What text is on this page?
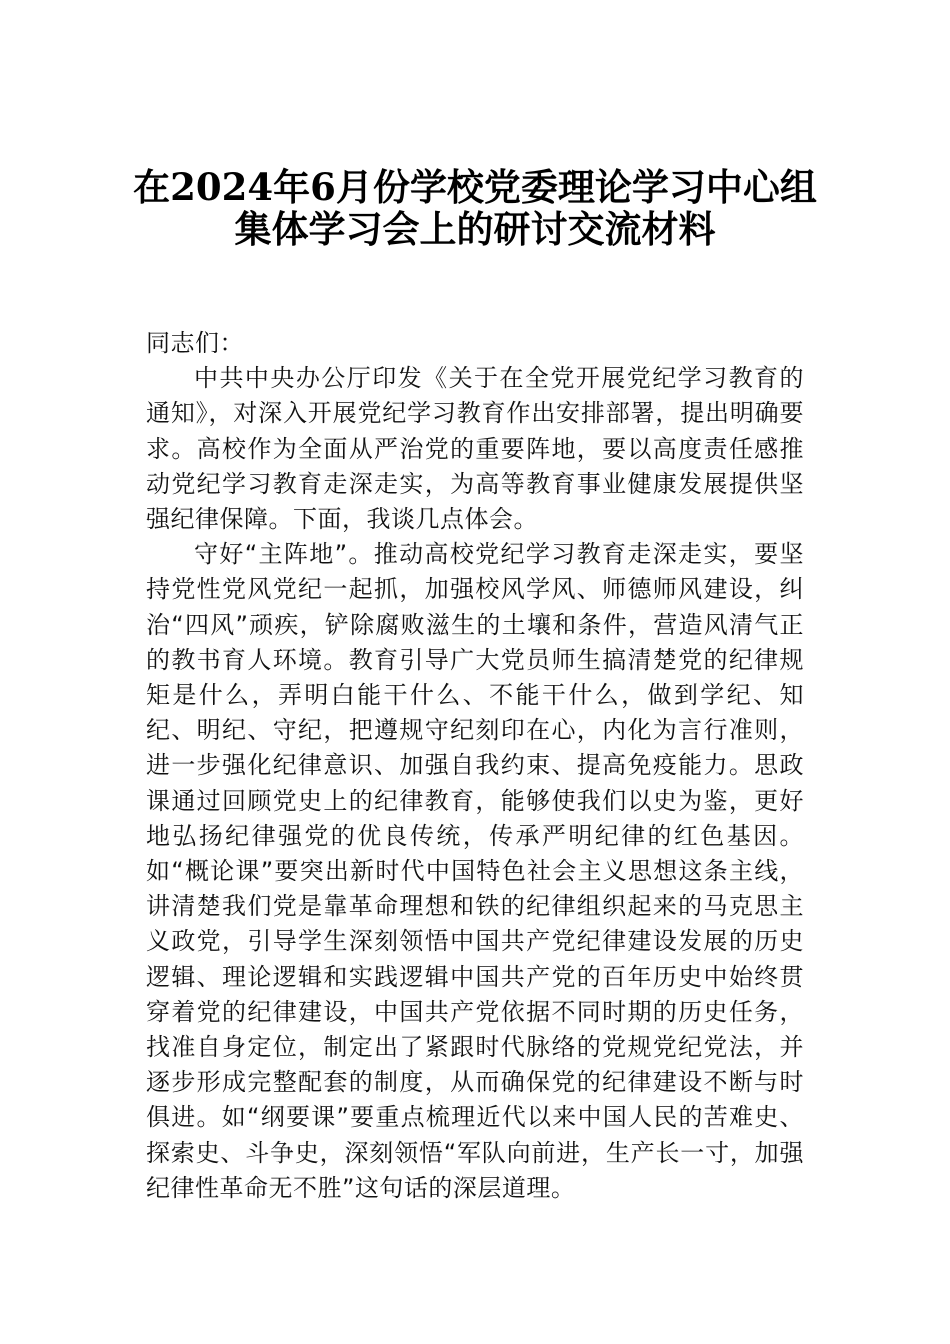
在2024年6月份学校党委理论学习中心组
集体学习会上的研讨交流材料

同志们：

中共中央办公厅印发《关于在全党开展党纪学习教育的通知》，对深入开展党纪学习教育作出安排部署，提出明确要求。高校作为全面从严治党的重要阵地，要以高度责任感推动党纪学习教育走深走实，为高等教育事业健康发展提供坚强纪律保障。下面，我谈几点体会。

守好“主阵地”。推动高校党纪学习教育走深走实，要坚持党性党风党纪一起抓，加强校风学风、师德师风建设，纠治“四风”顽疾，铲除腐败滋生的土壤和条件，营造风清气正的教书育人环境。教育引导广大党员师生搞清楚党的纪律规矩是什么，弄明白能干什么、不能干什么，做到学纪、知纪、明纪、守纪，把遵规守纪刻印在心，内化为言行准则，进一步强化纪律意识、加强自我约束、提高免疫能力。思政课通过回顾党史上的纪律教育，能够使我们以史为鉴，更好地弘扬纪律强党的优良传统，传承严明纪律的红色基因。如“概论课”要突出新时代中国特色社会主义思想这条主线，讲清楚我们党是靠革命理想和铁的纪律组织起来的马克思主义政党，引导学生深刻领悟中国共产党纪律建设发展的历史逻辑、理论逻辑和实践逻辑中国共产党的百年历史中始终贯穿着党的纪律建设，中国共产党依据不同时期的历史任务，找准自身定位，制定出了紧跟时代脉络的党规党纪党法，并逐步形成完整配套的制度，从而确保党的纪律建设不断与时俱进。如“纲要课”要重点梳理近代以来中国人民的苦难史、探索史、斗争史，深刻领悟“军队向前进，生产长一寸，加强纪律性革命无不胜”这句话的深层道理。
